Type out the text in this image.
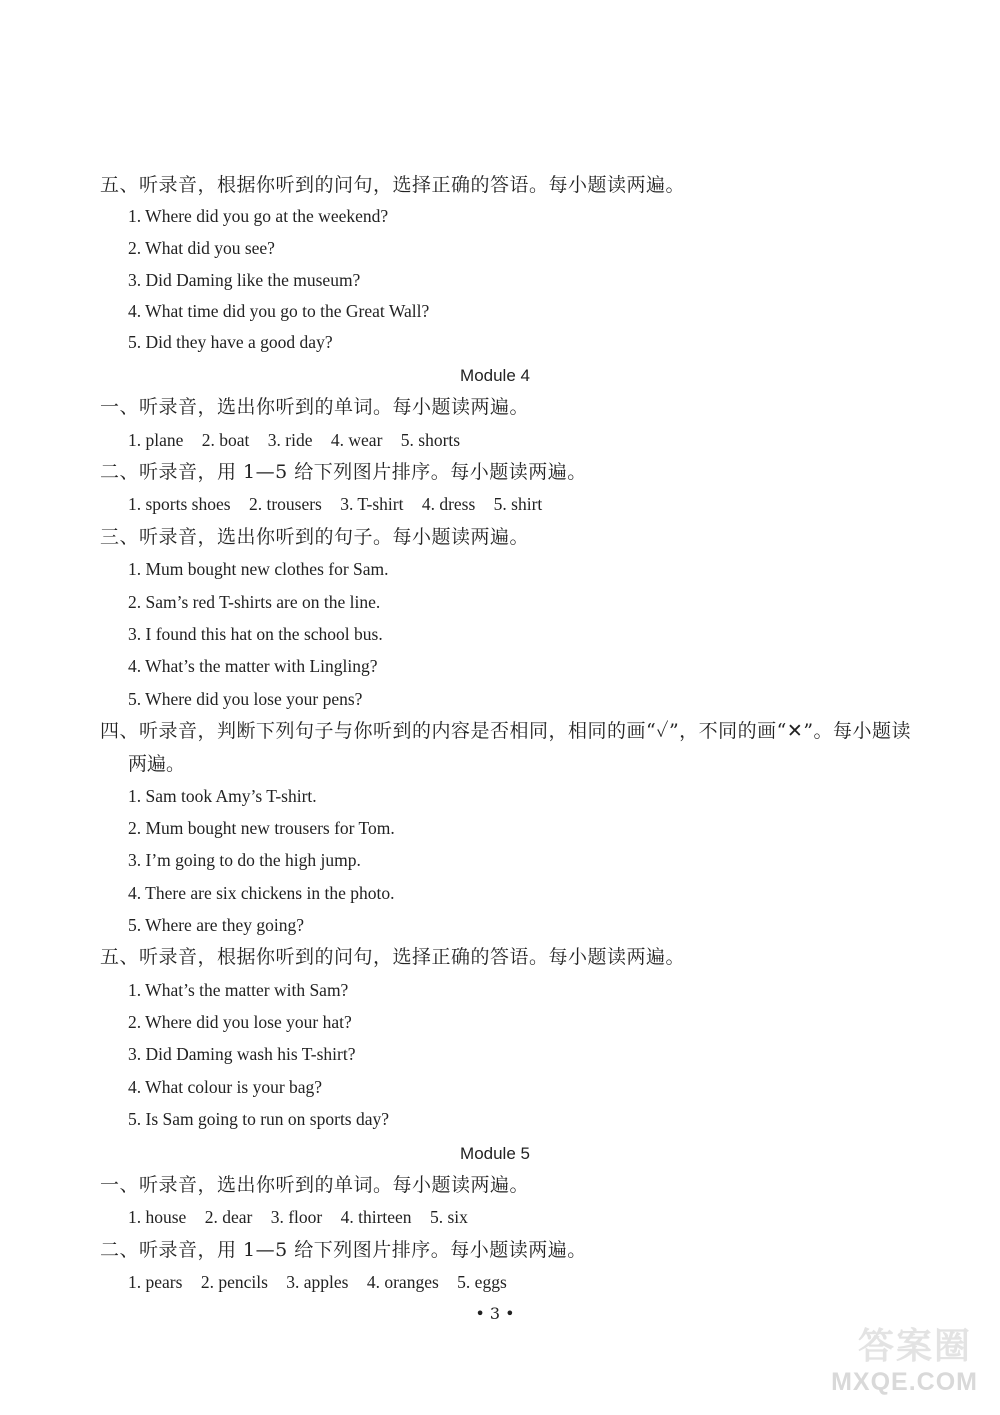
五、听录音，根据你听到的问句，选择正确的答语。每小题读两遍。
1. Where did you go at the weekend?
2. What did you see?
3. Did Daming like the museum?
4. What time did you go to the Great Wall?
5. Did they have a good day?
Module 4
一、听录音，选出你听到的单词。每小题读两遍。
1. plane 2. boat 3. ride 4. wear 5. shorts
二、听录音，用 1—5 给下列图片排序。每小题读两遍。
1. sports shoes 2. trousers 3. T-shirt 4. dress 5. shirt
三、听录音，选出你听到的句子。每小题读两遍。
1. Mum bought new clothes for Sam.
2. Sam’s red T-shirts are on the line.
3. I found this hat on the school bus.
4. What’s the matter with Lingling?
5. Where did you lose your pens?
四、听录音，判断下列句子与你听到的内容是否相同，相同的画“✓”，不同的画“✕”。每小题读
两遍。
1. Sam took Amy’s T-shirt.
2. Mum bought new trousers for Tom.
3. I’m going to do the high jump.
4. There are six chickens in the photo.
5. Where are they going?
五、听录音，根据你听到的问句，选择正确的答语。每小题读两遍。
1. What’s the matter with Sam?
2. Where did you lose your hat?
3. Did Daming wash his T-shirt?
4. What colour is your bag?
5. Is Sam going to run on sports day?
Module 5
一、听录音，选出你听到的单词。每小题读两遍。
1. house 2. dear 3. floor 4. thirteen 5. six
二、听录音，用 1—5 给下列图片排序。每小题读两遍。
1. pears 2. pencils 3. apples 4. oranges 5. eggs
• 3 •
答案圈
MXQE.COM
